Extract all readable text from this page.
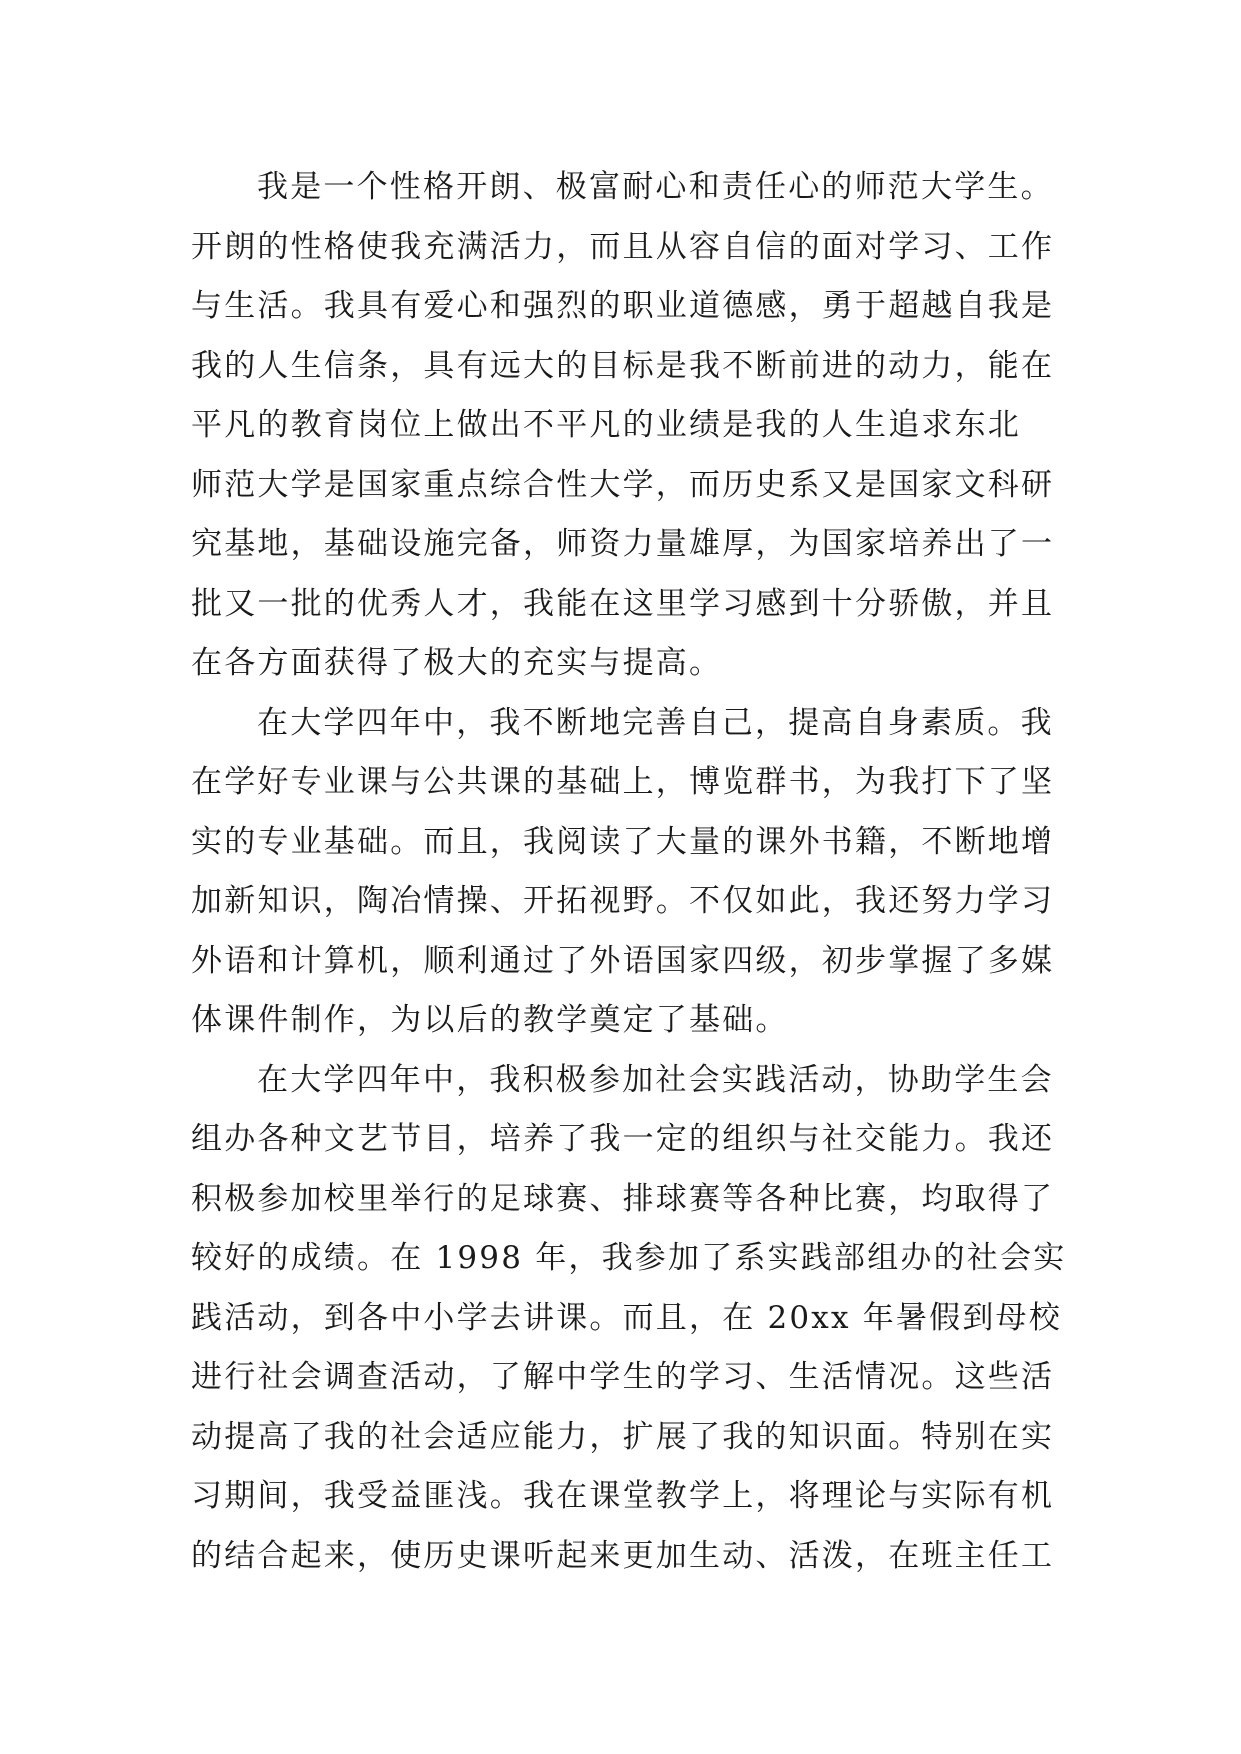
我是一个性格开朗、极富耐心和责任心的师范大学生。
开朗的性格使我充满活力，而且从容自信的面对学习、工作
与生活。我具有爱心和强烈的职业道德感，勇于超越自我是
我的人生信条，具有远大的目标是我不断前进的动力，能在
平凡的教育岗位上做出不平凡的业绩是我的人生追求东北
师范大学是国家重点综合性大学，而历史系又是国家文科研
究基地，基础设施完备，师资力量雄厚，为国家培养出了一
批又一批的优秀人才，我能在这里学习感到十分骄傲，并且
在各方面获得了极大的充实与提高。
在大学四年中，我不断地完善自己，提高自身素质。我
在学好专业课与公共课的基础上，博览群书，为我打下了坚
实的专业基础。而且，我阅读了大量的课外书籍，不断地增
加新知识，陶冶情操、开拓视野。不仅如此，我还努力学习
外语和计算机，顺利通过了外语国家四级，初步掌握了多媒
体课件制作，为以后的教学奠定了基础。
在大学四年中，我积极参加社会实践活动，协助学生会
组办各种文艺节目，培养了我一定的组织与社交能力。我还
积极参加校里举行的足球赛、排球赛等各种比赛，均取得了
较好的成绩。在 1998 年，我参加了系实践部组办的社会实
践活动，到各中小学去讲课。而且，在 20xx 年暑假到母校
进行社会调查活动，了解中学生的学习、生活情况。这些活
动提高了我的社会适应能力，扩展了我的知识面。特别在实
习期间，我受益匪浅。我在课堂教学上，将理论与实际有机
的结合起来，使历史课听起来更加生动、活泼，在班主任工
